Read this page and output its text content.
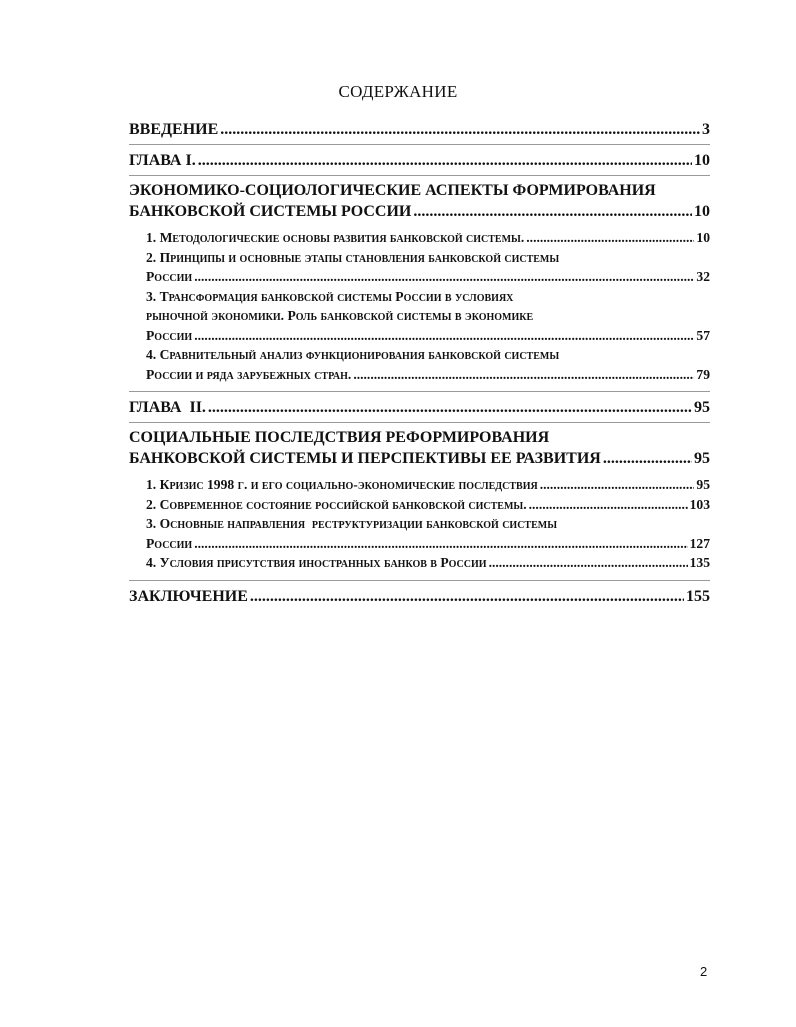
СОДЕРЖАНИЕ
ВВЕДЕНИЕ .....	3
ГЛАВА I. .....	10
ЭКОНОМИКО-СОЦИОЛОГИЧЕСКИЕ АСПЕКТЫ ФОРМИРОВАНИЯ
БАНКОВСКОЙ СИСТЕМЫ РОССИИ .....	10
1. Методологические основы развития банковской системы. .....	10
2. Принципы и основные этапы становления банковской системы
России .....	32
3. Трансформация банковской системы России в условиях
рыночной экономики. Роль банковской системы в экономике
России .....	57
4. Сравнительный анализ функционирования банковской системы
России и ряда зарубежных стран. .....	79
ГЛАВА  II. .....	95
СОЦИАЛЬНЫЕ ПОСЛЕДСТВИЯ РЕФОРМИРОВАНИЯ
БАНКОВСКОЙ СИСТЕМЫ И ПЕРСПЕКТИВЫ ЕЕ РАЗВИТИЯ .....	95
1. Кризис 1998 г. и его социально-экономические последствия .....	95
2. Современное состояние российской банковской системы. .....	103
3. Основные направления  реструктуризации банковской системы
России .....	127
4. Условия присутствия иностранных банков в России .....	135
ЗАКЛЮЧЕНИЕ .....	155
2
